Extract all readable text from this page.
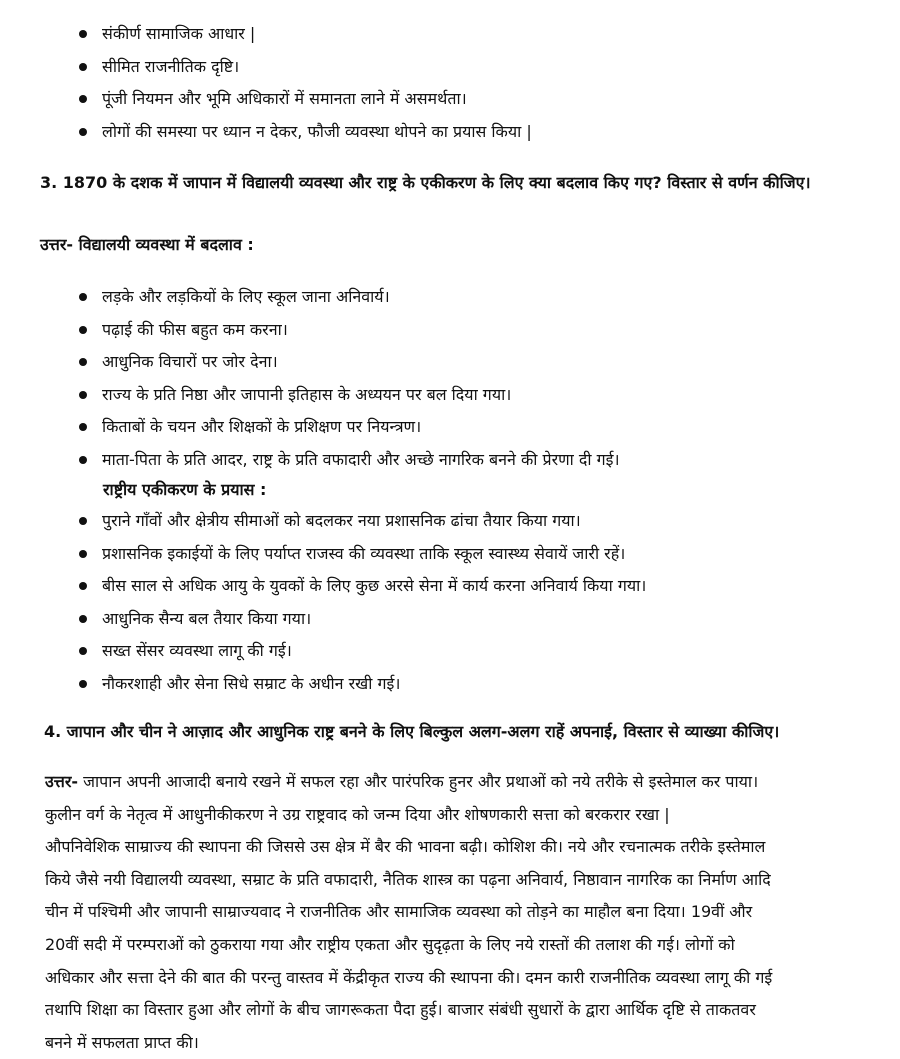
संकीर्ण सामाजिक आधार |
सीमित राजनीतिक दृष्टि।
पूंजी नियमन और भूमि अधिकारों में समानता लाने में असमर्थता।
लोगों की समस्या पर ध्यान न देकर, फौजी व्यवस्था थोपने का प्रयास किया |
3. 1870 के दशक में जापान में विद्यालयी व्यवस्था और राष्ट्र के एकीकरण के लिए क्या बदलाव किए गए? विस्तार से वर्णन कीजिए।
उत्तर- विद्यालयी व्यवस्था में बदलाव :
लड़के और लड़कियों के लिए स्कूल जाना अनिवार्य।
पढ़ाई की फीस बहुत कम करना।
आधुनिक विचारों पर जोर देना।
राज्य के प्रति निष्ठा और जापानी इतिहास के अध्ययन पर बल दिया गया।
किताबों के चयन और शिक्षकों के प्रशिक्षण पर नियन्त्रण।
माता-पिता के प्रति आदर, राष्ट्र के प्रति वफादारी और अच्छे नागरिक बनने की प्रेरणा दी गई।
राष्ट्रीय एकीकरण के प्रयास :
पुराने गाँवों और क्षेत्रीय सीमाओं को बदलकर नया प्रशासनिक ढांचा तैयार किया गया।
प्रशासनिक इकाईयों के लिए पर्याप्त राजस्व की व्यवस्था ताकि स्कूल स्वास्थ्य सेवायें जारी रहें।
बीस साल से अधिक आयु के युवकों के लिए कुछ अरसे सेना में कार्य करना अनिवार्य किया गया।
आधुनिक सैन्य बल तैयार किया गया।
सख्त सेंसर व्यवस्था लागू की गई।
नौकरशाही और सेना सिधे सम्राट के अधीन रखी गई।
4. जापान और चीन ने आज़ाद और आधुनिक राष्ट्र बनने के लिए बिल्कुल अलग-अलग राहें अपनाई, विस्तार से व्याख्या कीजिए।
उत्तर- जापान अपनी आजादी बनाये रखने में सफल रहा और पारंपरिक हुनर और प्रथाओं को नये तरीके से इस्तेमाल कर पाया।
कुलीन वर्ग के नेतृत्व में आधुनीकीकरण ने उग्र राष्ट्रवाद को जन्म दिया और शोषणकारी सत्ता को बरकरार रखा |
औपनिवेशिक साम्राज्य की स्थापना की जिससे उस क्षेत्र में बैर की भावना बढ़ी। कोशिश की। नये और रचनात्मक तरीके इस्तेमाल
किये जैसे नयी विद्यालयी व्यवस्था, सम्राट के प्रति वफादारी, नैतिक शास्त्र का पढ़ना अनिवार्य, निष्ठावान नागरिक का निर्माण आदि
चीन में पश्चिमी और जापानी साम्राज्यवाद ने राजनीतिक और सामाजिक व्यवस्था को तोड़ने का माहौल बना दिया। 19वीं और
20वीं सदी में परम्पराओं को ठुकराया गया और राष्ट्रीय एकता और सुदृढ़ता के लिए नये रास्तों की तलाश की गई। लोगों को
अधिकार और सत्ता देने की बात की परन्तु वास्तव में केंद्रीकृत राज्य की स्थापना की। दमन कारी राजनीतिक व्यवस्था लागू की गई
तथापि शिक्षा का विस्तार हुआ और लोगों के बीच जागरूकता पैदा हुई। बाजार संबंधी सुधारों के द्वारा आर्थिक दृष्टि से ताकतवर
बनने में सफलता प्राप्त की।
